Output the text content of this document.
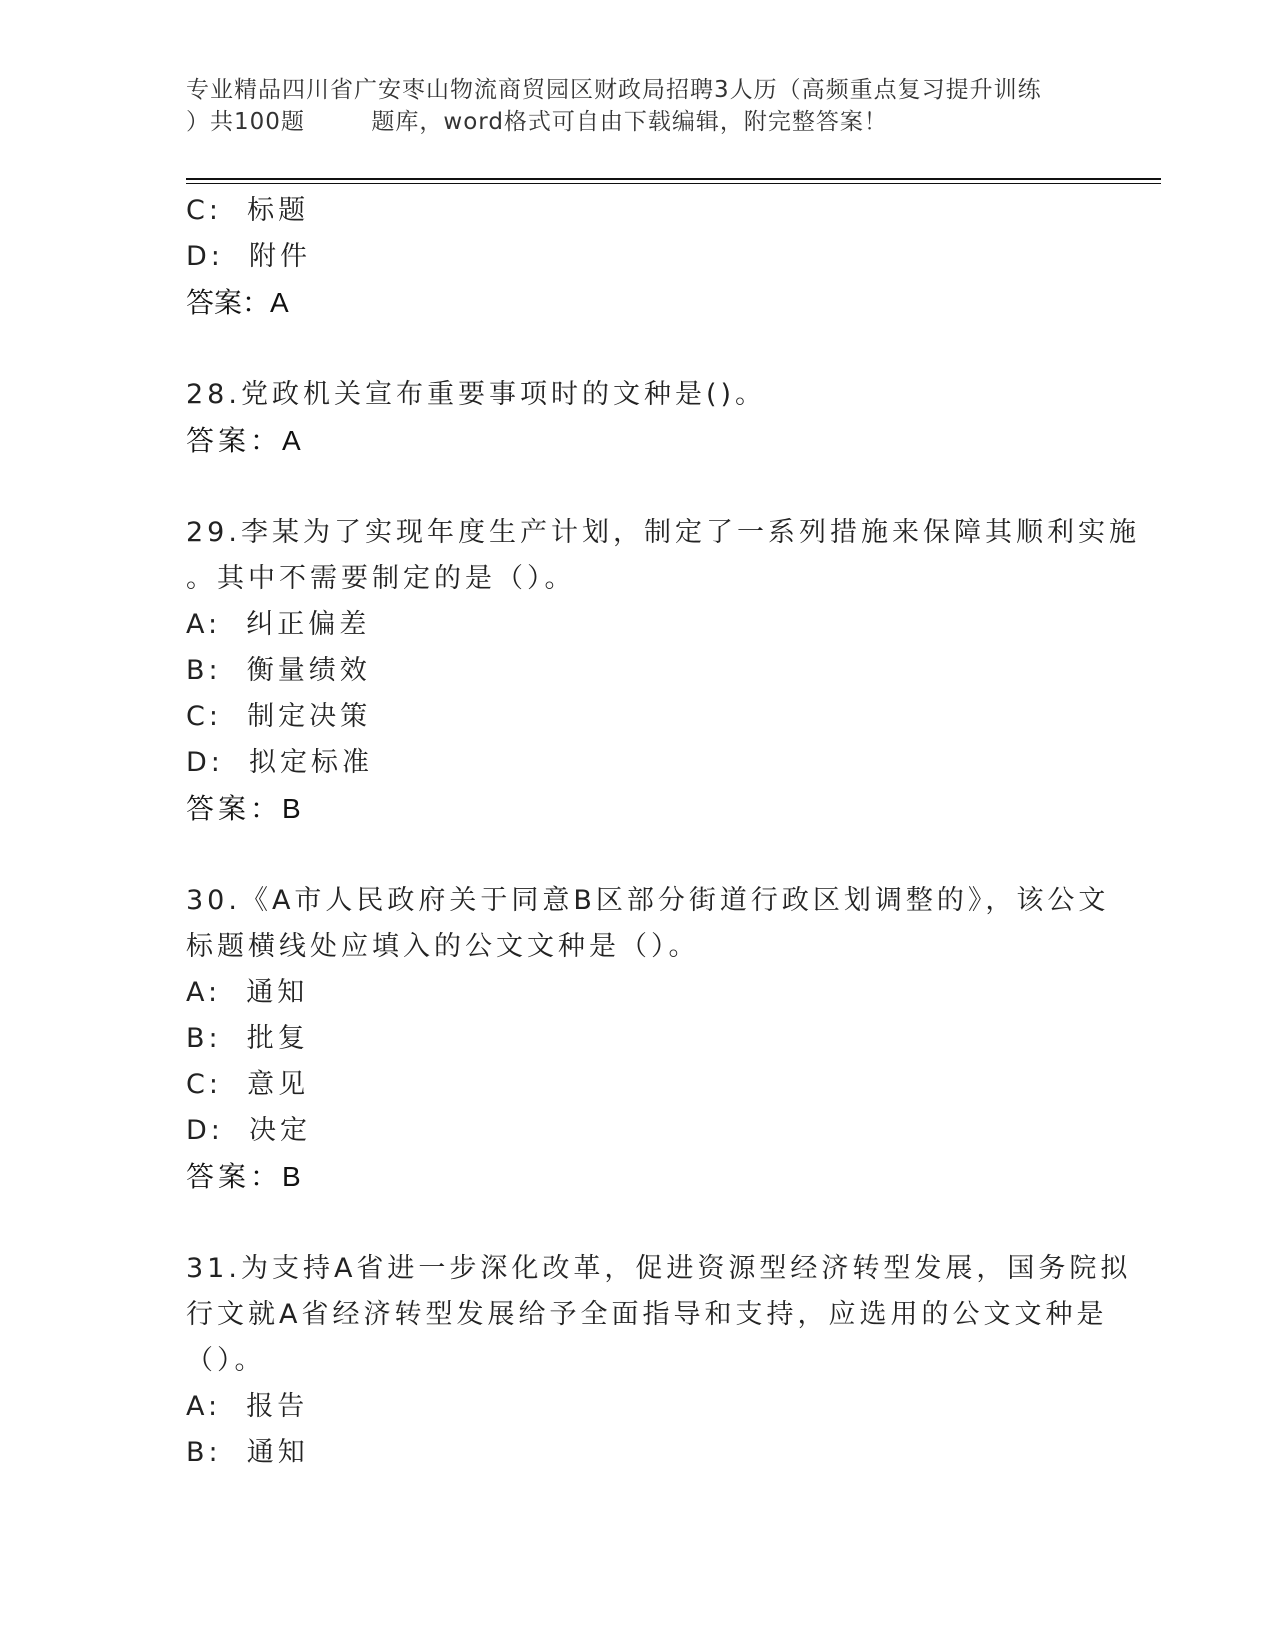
专业精品四川省广安枣山物流商贸园区财政局招聘3人历（高频重点复习提升训练
）共100题        题库，word格式可自由下载编辑，附完整答案！
C:  标题
D:  附件
答案：A
28.党政机关宣布重要事项时的文种是()。
答案：A
29.李某为了实现年度生产计划，制定了一系列措施来保障其顺利实施
。其中不需要制定的是（）。
A:  纠正偏差
B:  衡量绩效
C:  制定决策
D:  拟定标准
答案：B
30.《A市人民政府关于同意B区部分街道行政区划调整的》，该公文
标题横线处应填入的公文文种是（）。
A:  通知
B:  批复
C:  意见
D:  决定
答案：B
31.为支持A省进一步深化改革，促进资源型经济转型发展，国务院拟
行文就A省经济转型发展给予全面指导和支持，应选用的公文文种是
（）。
A:  报告
B:  通知
